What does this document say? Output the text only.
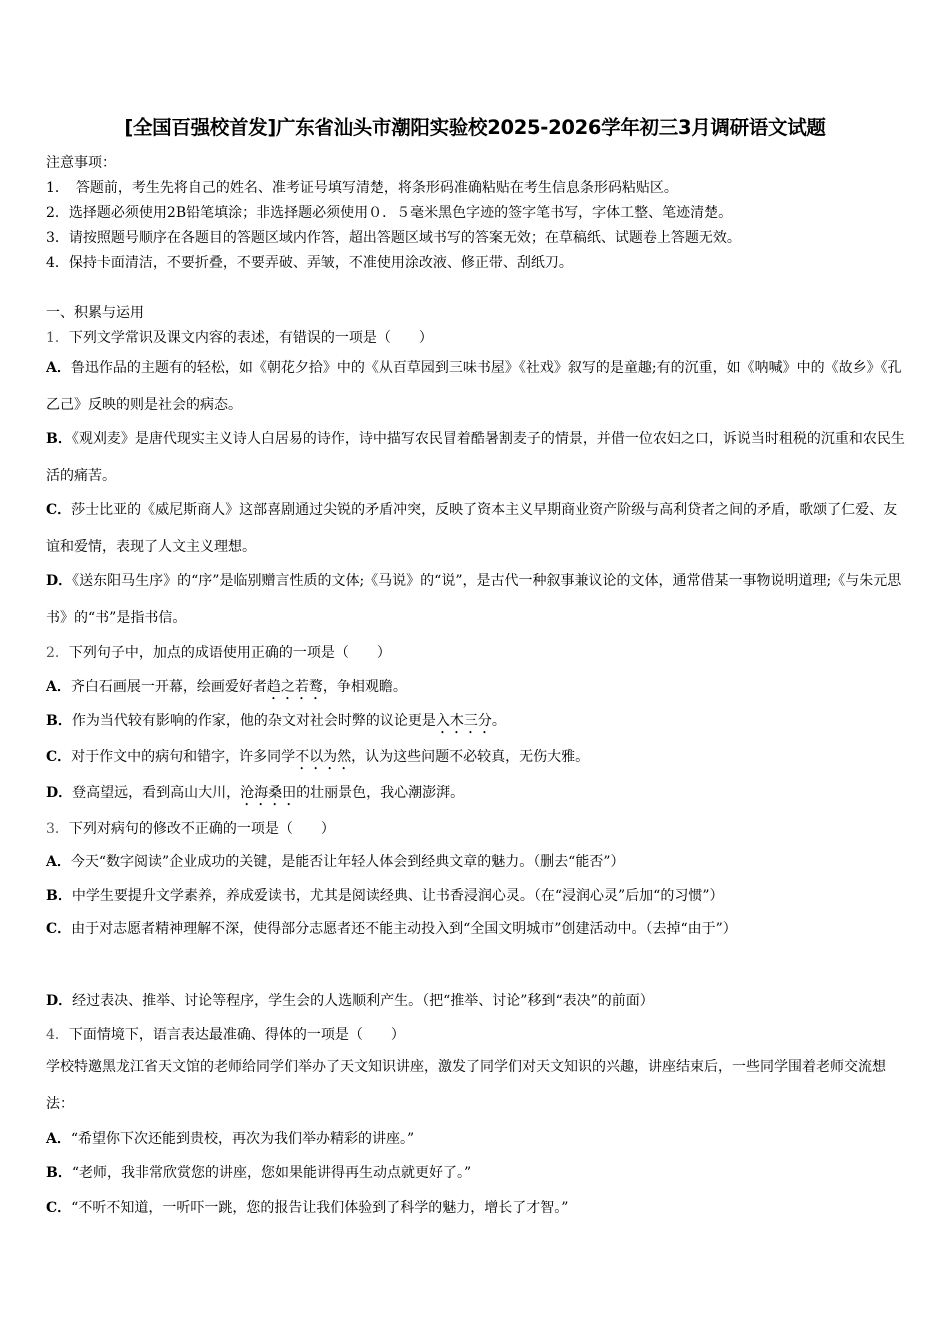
[全国百强校首发]广东省汕头市潮阳实验校2025-2026学年初三3月调研语文试题
注意事项：
1．　答题前，考生先将自己的姓名、准考证号填写清楚，将条形码准确粘贴在考生信息条形码粘贴区。
2．选择题必须使用2B铅笔填涂；非选择题必须使用０．５毫米黑色字迹的签字笔书写，字体工整、笔迹清楚。
3．请按照题号顺序在各题目的答题区域内作答，超出答题区域书写的答案无效；在草稿纸、试题卷上答题无效。
4．保持卡面清洁，不要折叠，不要弄破、弄皱，不准使用涂改液、修正带、刮纸刀。
一、积累与运用
1．下列文学常识及课文内容的表述，有错误的一项是（　　）
A．鲁迅作品的主题有的轻松，如《朝花夕拾》中的《从百草园到三味书屋》《社戏》叙写的是童趣;有的沉重，如《呐喊》中的《故乡》《孔乙己》反映的则是社会的病态。
B．《观刈麦》是唐代现实主义诗人白居易的诗作，诗中描写农民冒着酷暑割麦子的情景，并借一位农妇之口，诉说当时租税的沉重和农民生活的痛苦。
C．莎士比亚的《威尼斯商人》这部喜剧通过尖锐的矛盾冲突，反映了资本主义早期商业资产阶级与高利贷者之间的矛盾，歌颂了仁爱、友谊和爱情，表现了人文主义理想。
D．《送东阳马生序》的“序”是临别赠言性质的文体;《马说》的“说”，是古代一种叙事兼议论的文体，通常借某一事物说明道理;《与朱元思书》的“书”是指书信。
2．下列句子中，加点的成语使用正确的一项是（　　）
A．齐白石画展一开幕，绘画爱好者趋之若鹜，争相观瞻。
B．作为当代较有影响的作家，他的杂文对社会时弊的议论更是入木三分。
C．对于作文中的病句和错字，许多同学不以为然，认为这些问题不必较真，无伤大雅。
D．登高望远，看到高山大川，沧海桑田的壮丽景色，我心潮澎湃。
3．下列对病句的修改不正确的一项是（　　）
A．今天“数字阅读”企业成功的关键，是能否让年轻人体会到经典文章的魅力。（删去“能否”）
B．中学生要提升文学素养，养成爱读书，尤其是阅读经典、让书香浸润心灵。（在“浸润心灵”后加“的习惯”）
C．由于对志愿者精神理解不深，使得部分志愿者还不能主动投入到“全国文明城市”创建活动中。（去掉“由于”）
D．经过表决、推举、讨论等程序，学生会的人选顺利产生。（把“推举、讨论”移到“表决”的前面）
4．下面情境下，语言表达最准确、得体的一项是（　　）
学校特邀黑龙江省天文馆的老师给同学们举办了天文知识讲座，激发了同学们对天文知识的兴趣，讲座结束后，一些同学围着老师交流想法：
A．“希望你下次还能到贵校，再次为我们举办精彩的讲座。”
B．“老师，我非常欣赏您的讲座，您如果能讲得再生动点就更好了。”
C．“不听不知道，一听吓一跳，您的报告让我们体验到了科学的魅力，增长了才智。”
